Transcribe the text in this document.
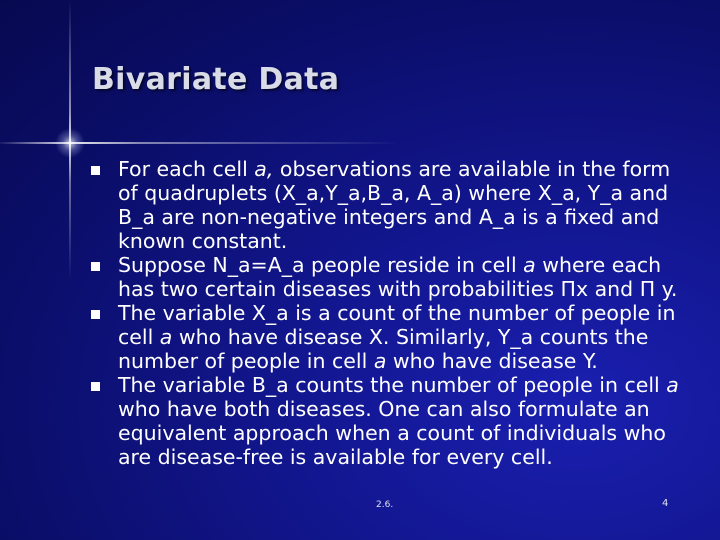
Bivariate Data
For each cell a, observations are available in the form of quadruplets (X_a,Y_a,B_a, A_a) where X_a, Y_a and B_a are non-negative integers and A_a is a fixed and known constant.
Suppose N_a=A_a people reside in cell a where each has two certain diseases with probabilities Πx and Π y.
The variable X_a is a count of the number of people in cell a who have disease X. Similarly, Y_a counts the number of people in cell a who have disease Y.
The variable B_a counts the number of people in cell a who have both diseases. One can also formulate an equivalent approach when a count of individuals who are disease-free is available for every cell.
2.6.	4
